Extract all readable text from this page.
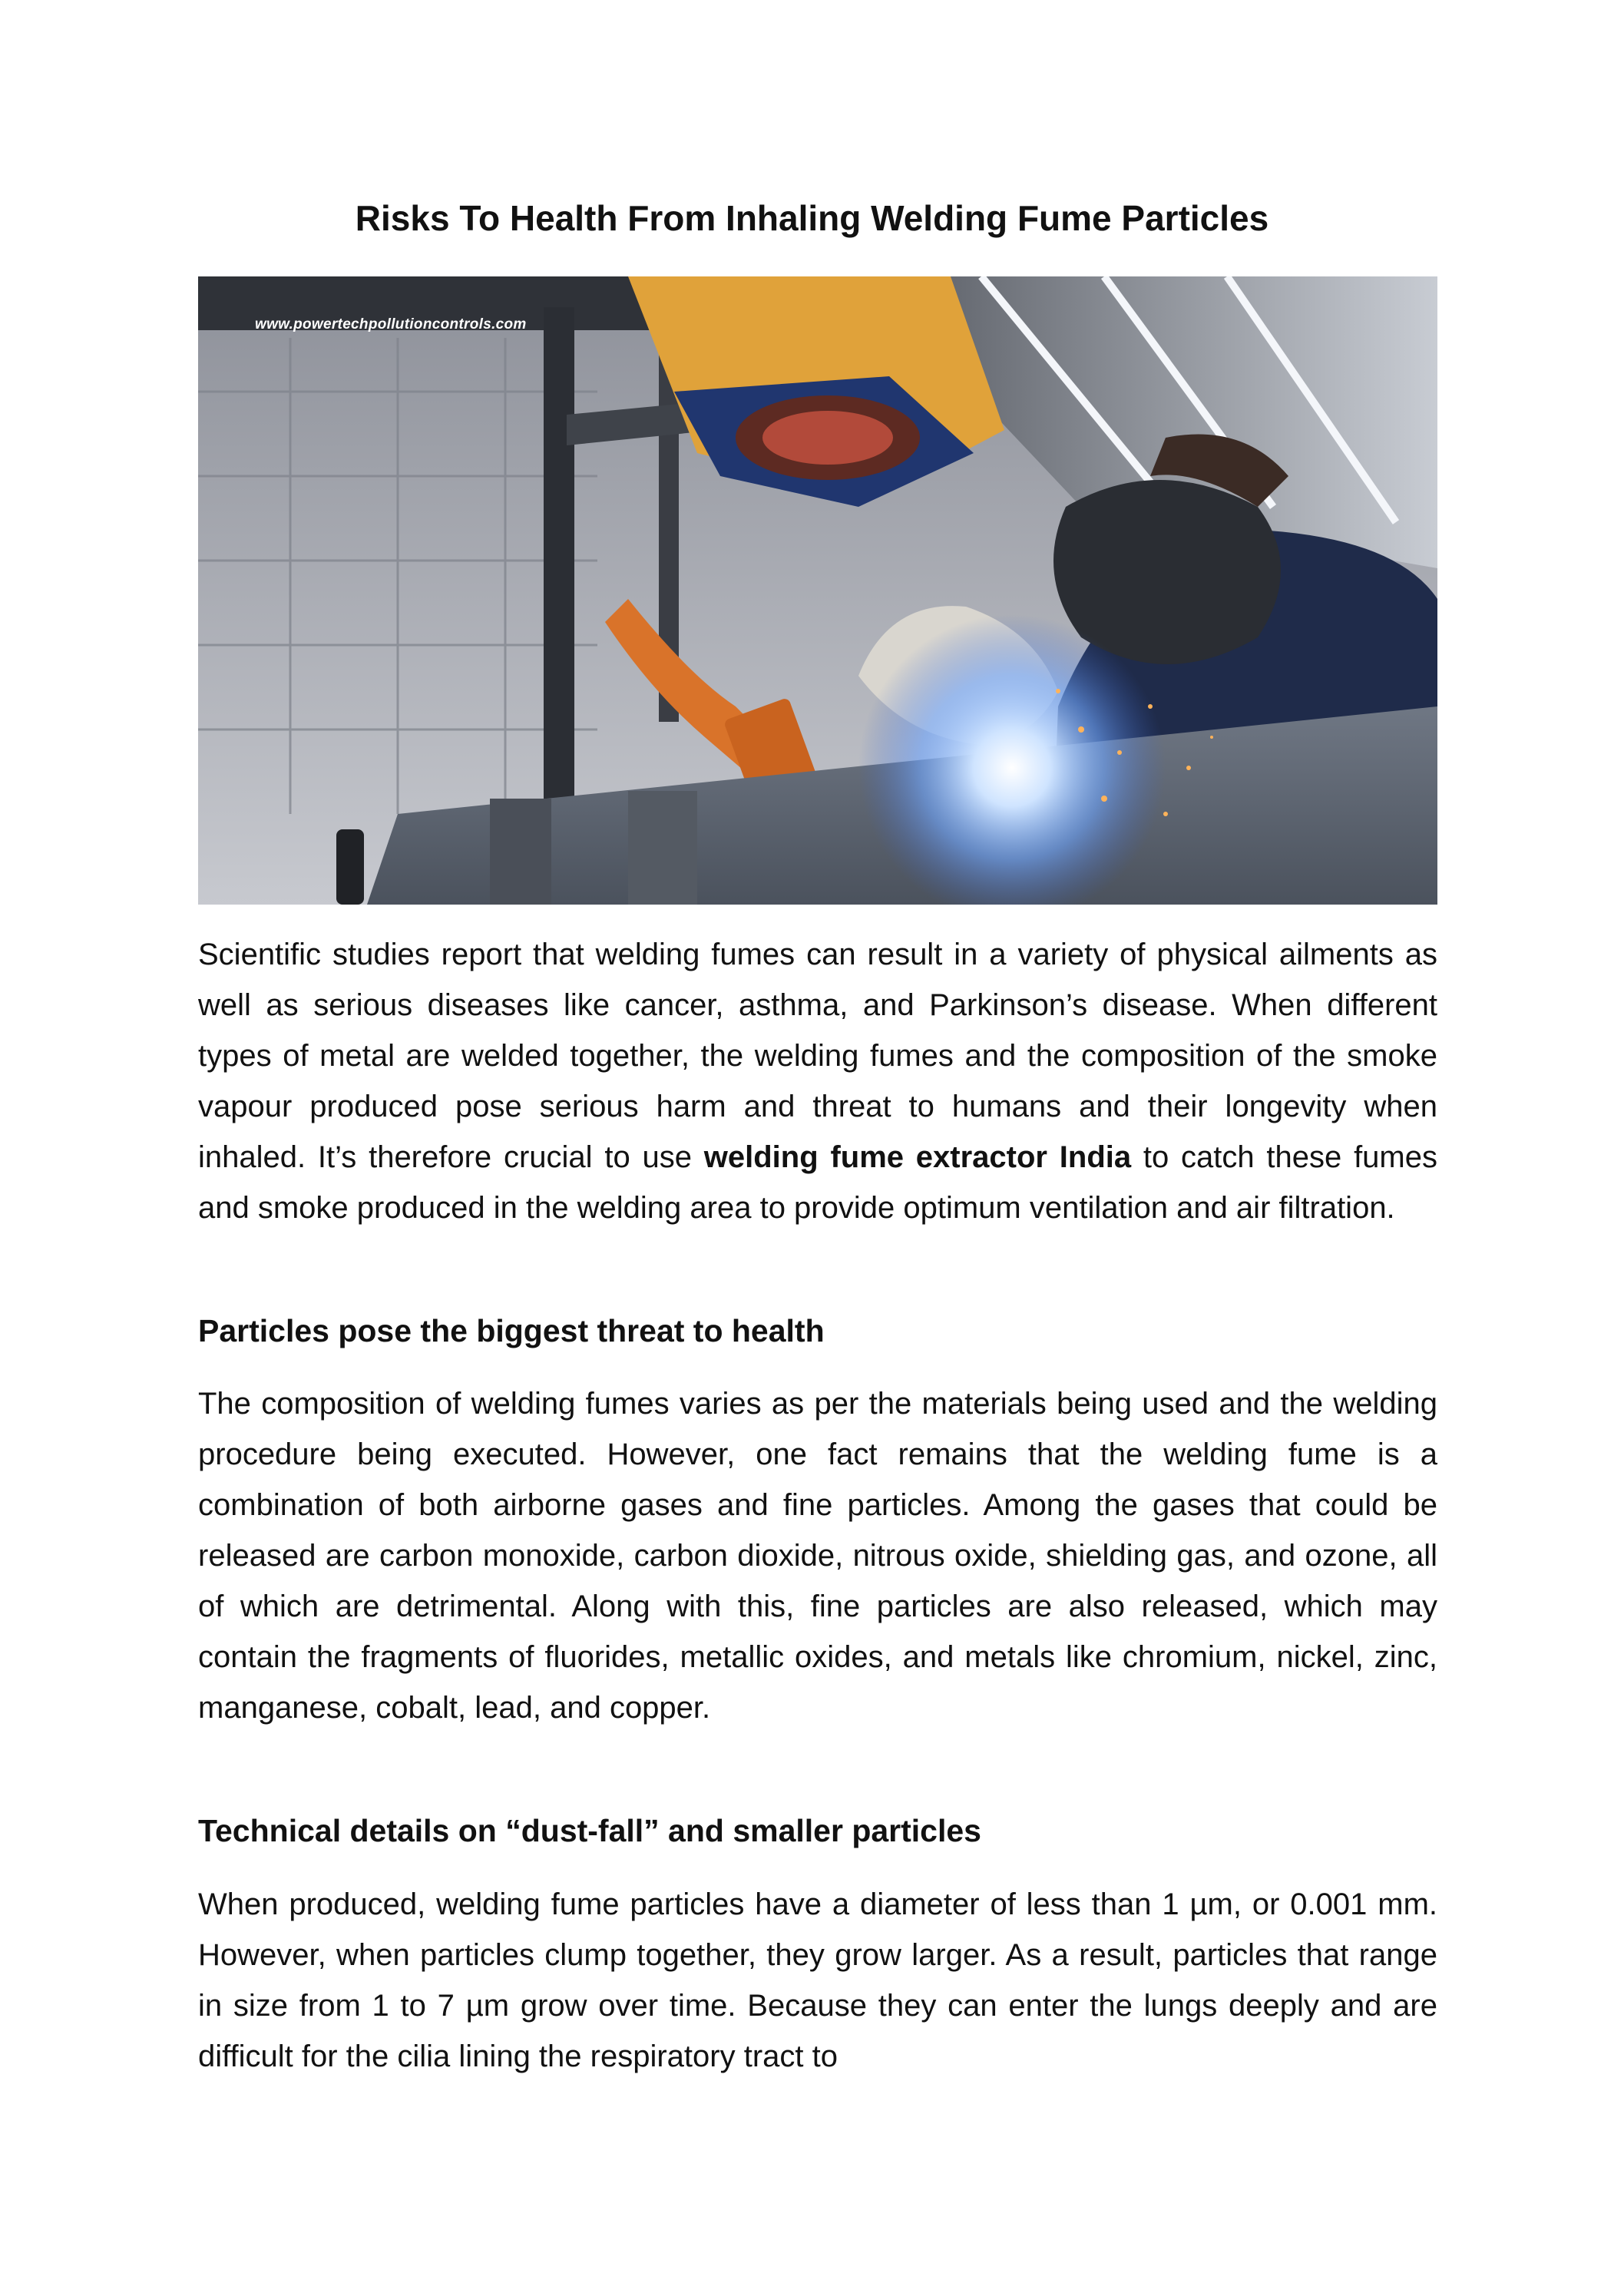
Risks To Health From Inhaling Welding Fume Particles
www.powertechpollutioncontrols.com

Scientific studies report that welding fumes can result in a variety of physical ailments as well as serious diseases like cancer, asthma, and Parkinson’s disease. When different types of metal are welded together, the welding fumes and the composition of the smoke vapour produced pose serious harm and threat to humans and their longevity when inhaled. It’s therefore crucial to use welding fume extractor India to catch these fumes and smoke produced in the welding area to provide optimum ventilation and air filtration.

Particles pose the biggest threat to health

The composition of welding fumes varies as per the materials being used and the welding procedure being executed. However, one fact remains that the welding fume is a combination of both airborne gases and fine particles. Among the gases that could be released are carbon monoxide, carbon dioxide, nitrous oxide, shielding gas, and ozone, all of which are detrimental. Along with this, fine particles are also released, which may contain the fragments of fluorides, metallic oxides, and metals like chromium, nickel, zinc, manganese, cobalt, lead, and copper.

Technical details on “dust-fall” and smaller particles

When produced, welding fume particles have a diameter of less than 1 µm, or 0.001 mm. However, when particles clump together, they grow larger. As a result, particles that range in size from 1 to 7 µm grow over time. Because they can enter the lungs deeply and are difficult for the cilia lining the respiratory tract to
